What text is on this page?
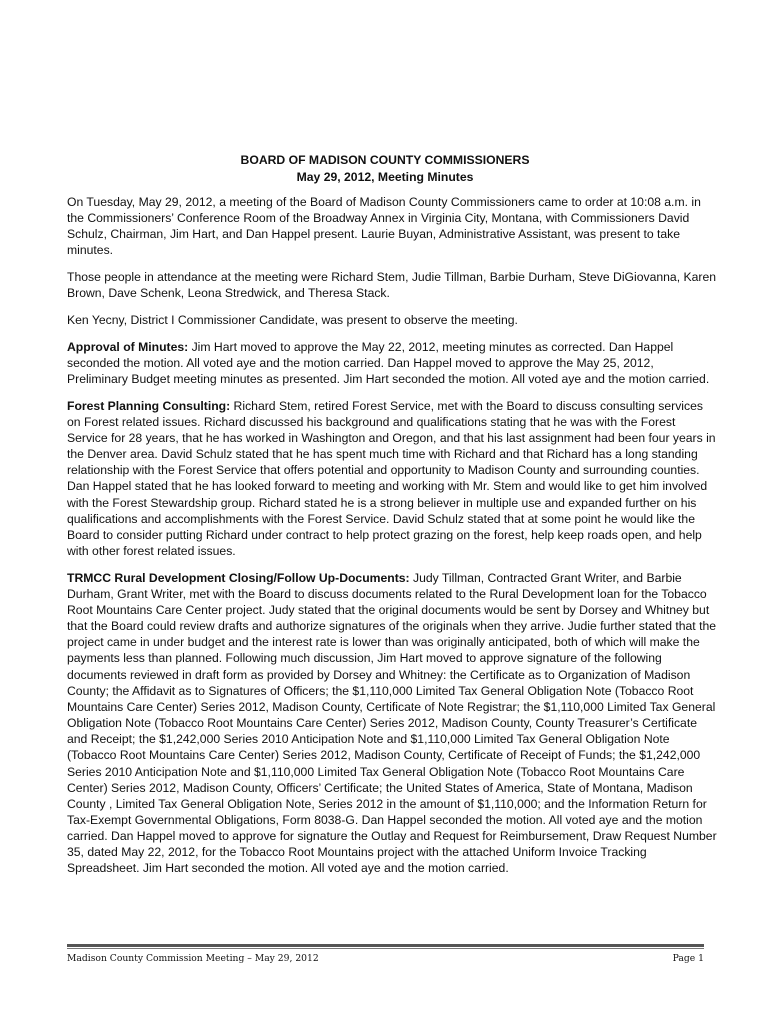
BOARD OF MADISON COUNTY COMMISSIONERS
May 29, 2012, Meeting Minutes

On Tuesday, May 29, 2012, a meeting of the Board of Madison County Commissioners came to order at 10:08 a.m. in the Commissioners’ Conference Room of the Broadway Annex in Virginia City, Montana, with Commissioners David Schulz, Chairman, Jim Hart, and Dan Happel present. Laurie Buyan, Administrative Assistant, was present to take minutes.

Those people in attendance at the meeting were Richard Stem, Judie Tillman, Barbie Durham, Steve DiGiovanna, Karen Brown, Dave Schenk, Leona Stredwick, and Theresa Stack.

Ken Yecny, District I Commissioner Candidate, was present to observe the meeting.

Approval of Minutes: Jim Hart moved to approve the May 22, 2012, meeting minutes as corrected. Dan Happel seconded the motion. All voted aye and the motion carried. Dan Happel moved to approve the May 25, 2012, Preliminary Budget meeting minutes as presented. Jim Hart seconded the motion. All voted aye and the motion carried.

Forest Planning Consulting: Richard Stem, retired Forest Service, met with the Board to discuss consulting services on Forest related issues. Richard discussed his background and qualifications stating that he was with the Forest Service for 28 years, that he has worked in Washington and Oregon, and that his last assignment had been four years in the Denver area. David Schulz stated that he has spent much time with Richard and that Richard has a long standing relationship with the Forest Service that offers potential and opportunity to Madison County and surrounding counties. Dan Happel stated that he has looked forward to meeting and working with Mr. Stem and would like to get him involved with the Forest Stewardship group. Richard stated he is a strong believer in multiple use and expanded further on his qualifications and accomplishments with the Forest Service. David Schulz stated that at some point he would like the Board to consider putting Richard under contract to help protect grazing on the forest, help keep roads open, and help with other forest related issues.

TRMCC Rural Development Closing/Follow Up-Documents: Judy Tillman, Contracted Grant Writer, and Barbie Durham, Grant Writer, met with the Board to discuss documents related to the Rural Development loan for the Tobacco Root Mountains Care Center project. Judy stated that the original documents would be sent by Dorsey and Whitney but that the Board could review drafts and authorize signatures of the originals when they arrive. Judie further stated that the project came in under budget and the interest rate is lower than was originally anticipated, both of which will make the payments less than planned. Following much discussion, Jim Hart moved to approve signature of the following documents reviewed in draft form as provided by Dorsey and Whitney: the Certificate as to Organization of Madison County; the Affidavit as to Signatures of Officers; the $1,110,000 Limited Tax General Obligation Note (Tobacco Root Mountains Care Center) Series 2012, Madison County, Certificate of Note Registrar; the $1,110,000 Limited Tax General Obligation Note (Tobacco Root Mountains Care Center) Series 2012, Madison County, County Treasurer’s Certificate and Receipt; the $1,242,000 Series 2010 Anticipation Note and $1,110,000 Limited Tax General Obligation Note (Tobacco Root Mountains Care Center) Series 2012, Madison County, Certificate of Receipt of Funds; the $1,242,000 Series 2010 Anticipation Note and $1,110,000 Limited Tax General Obligation Note (Tobacco Root Mountains Care Center) Series 2012, Madison County, Officers’ Certificate; the United States of America, State of Montana, Madison County , Limited Tax General Obligation Note, Series 2012 in the amount of $1,110,000; and the Information Return for Tax-Exempt Governmental Obligations, Form 8038-G. Dan Happel seconded the motion. All voted aye and the motion carried. Dan Happel moved to approve for signature the Outlay and Request for Reimbursement, Draw Request Number 35, dated May 22, 2012, for the Tobacco Root Mountains project with the attached Uniform Invoice Tracking Spreadsheet. Jim Hart seconded the motion. All voted aye and the motion carried.

Madison County Commission Meeting – May 29, 2012	Page 1
